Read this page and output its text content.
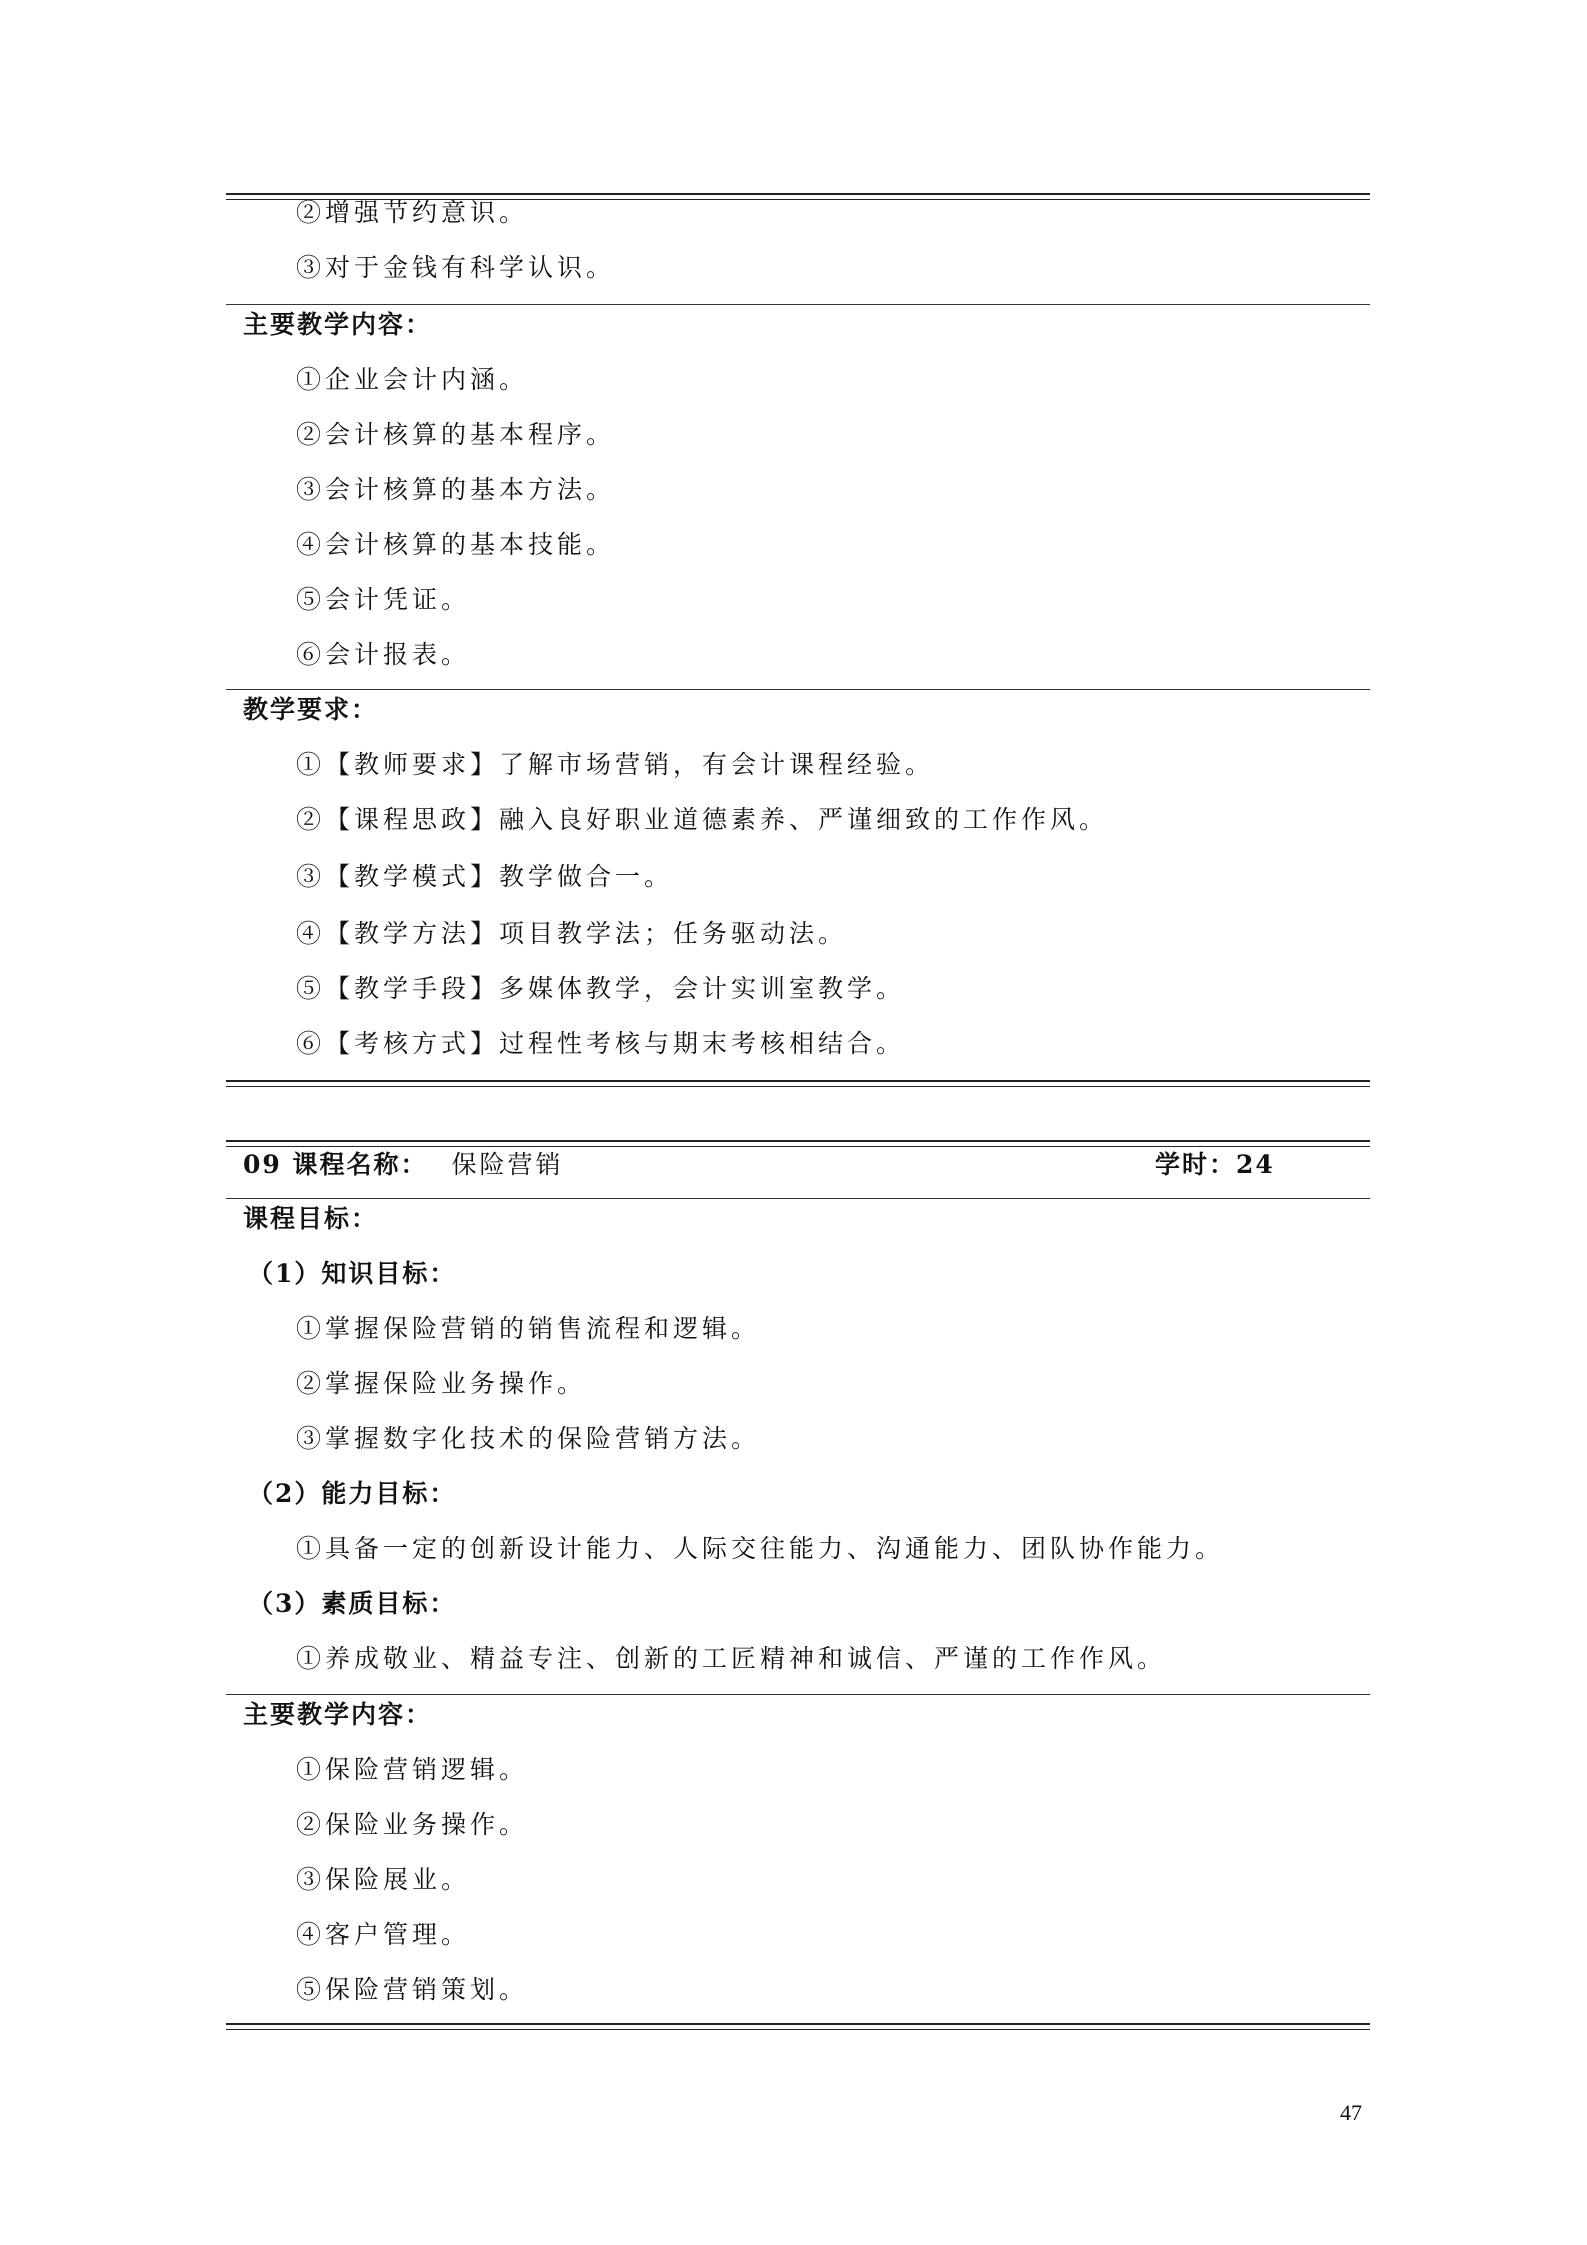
②增强节约意识。
③对于金钱有科学认识。
主要教学内容：
①企业会计内涵。
②会计核算的基本程序。
③会计核算的基本方法。
④会计核算的基本技能。
⑤会计凭证。
⑥会计报表。
教学要求：
①【教师要求】了解市场营销，有会计课程经验。
②【课程思政】融入良好职业道德素养、严谨细致的工作作风。
③【教学模式】教学做合一。
④【教学方法】项目教学法；任务驱动法。
⑤【教学手段】多媒体教学，会计实训室教学。
⑥【考核方式】过程性考核与期末考核相结合。
09 课程名称： 保险营销	学时：24
课程目标：
（1）知识目标：
①掌握保险营销的销售流程和逻辑。
②掌握保险业务操作。
③掌握数字化技术的保险营销方法。
（2）能力目标：
①具备一定的创新设计能力、人际交往能力、沟通能力、团队协作能力。
（3）素质目标：
①养成敬业、精益专注、创新的工匠精神和诚信、严谨的工作作风。
主要教学内容：
①保险营销逻辑。
②保险业务操作。
③保险展业。
④客户管理。
⑤保险营销策划。
47
